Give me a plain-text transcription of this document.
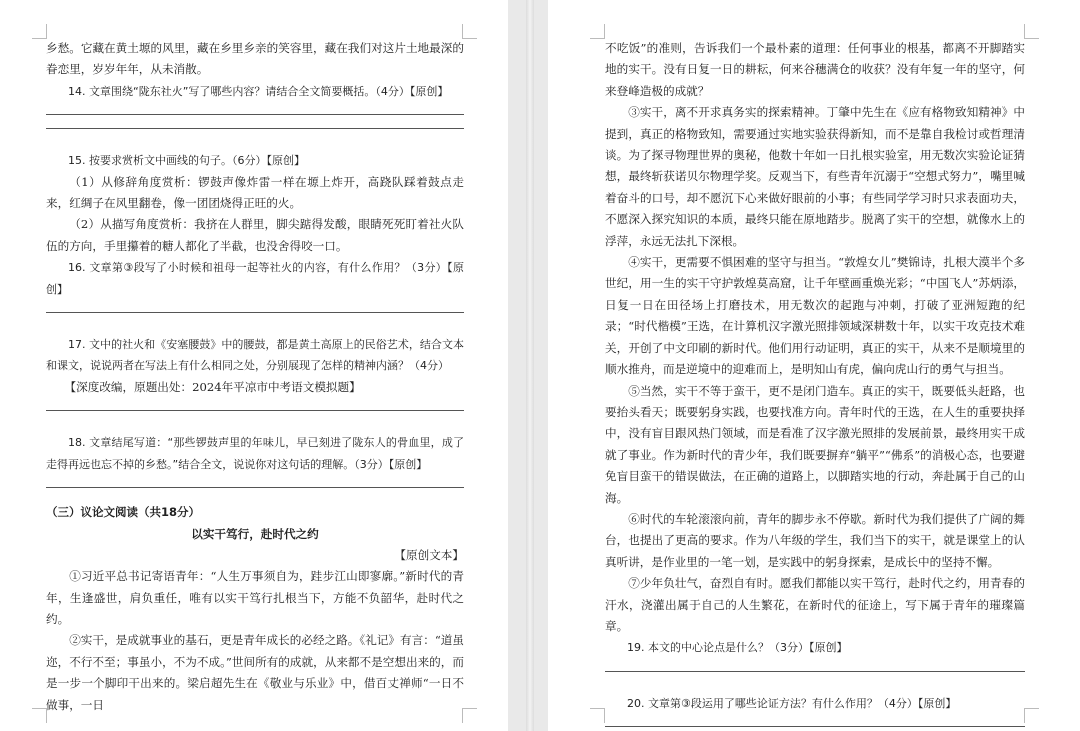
乡愁。它藏在黄土塬的风里，藏在乡里乡亲的笑容里，藏在我们对这片土地最深的眷恋里，岁岁年年，从未消散。

14. 文章围绕“陇东社火”写了哪些内容？请结合全文简要概括。（4分）【原创】

15. 按要求赏析文中画线的句子。（6分）【原创】

（1）从修辞角度赏析：锣鼓声像炸雷一样在塬上炸开，高跷队踩着鼓点走来，红绸子在风里翻卷，像一团团烧得正旺的火。

（2）从描写角度赏析：我挤在人群里，脚尖踮得发酸，眼睛死死盯着社火队伍的方向，手里攥着的糖人都化了半截，也没舍得咬一口。

16. 文章第③段写了小时候和祖母一起等社火的内容，有什么作用？（3分）【原创】

17. 文中的社火和《安塞腰鼓》中的腰鼓，都是黄土高原上的民俗艺术，结合文本和课文，说说两者在写法上有什么相同之处，分别展现了怎样的精神内涵？（4分）

【深度改编，原题出处：2024年平凉市中考语文模拟题】

18. 文章结尾写道：“那些锣鼓声里的年味儿，早已刻进了陇东人的骨血里，成了走得再远也忘不掉的乡愁。”结合全文，说说你对这句话的理解。（3分）【原创】

（三）议论文阅读（共18分）
以实干笃行，赴时代之约
【原创文本】

①习近平总书记寄语青年：“人生万事须自为，跬步江山即寥廓。”新时代的青年，生逢盛世，肩负重任，唯有以实干笃行扎根当下，方能不负韶华，赴时代之约。

②实干，是成就事业的基石，更是青年成长的必经之路。《礼记》有言：“道虽迩，不行不至；事虽小，不为不成。”世间所有的成就，从来都不是空想出来的，而是一步一个脚印干出来的。梁启超先生在《敬业与乐业》中，借百丈禅师“一日不做事，一日

不吃饭”的准则，告诉我们一个最朴素的道理：任何事业的根基，都离不开脚踏实地的实干。没有日复一日的耕耘，何来谷穗满仓的收获？没有年复一年的坚守，何来登峰造极的成就？

③实干，离不开求真务实的探索精神。丁肇中先生在《应有格物致知精神》中提到，真正的格物致知，需要通过实地实验获得新知，而不是靠自我检讨或哲理清谈。为了探寻物理世界的奥秘，他数十年如一日扎根实验室，用无数次实验论证猜想，最终斩获诺贝尔物理学奖。反观当下，有些青年沉溺于“空想式努力”，嘴里喊着奋斗的口号，却不愿沉下心来做好眼前的小事；有些同学学习时只求表面功夫，不愿深入探究知识的本质，最终只能在原地踏步。脱离了实干的空想，就像水上的浮萍，永远无法扎下深根。

④实干，更需要不惧困难的坚守与担当。“敦煌女儿”樊锦诗，扎根大漠半个多世纪，用一生的实干守护敦煌莫高窟，让千年壁画重焕光彩；“中国飞人”苏炳添，日复一日在田径场上打磨技术，用无数次的起跑与冲刺，打破了亚洲短跑的纪录；“时代楷模”王选，在计算机汉字激光照排领域深耕数十年，以实干攻克技术难关，开创了中文印刷的新时代。他们用行动证明，真正的实干，从来不是顺境里的顺水推舟，而是逆境中的迎难而上，是明知山有虎，偏向虎山行的勇气与担当。

⑤当然，实干不等于蛮干，更不是闭门造车。真正的实干，既要低头赶路，也要抬头看天；既要躬身实践，也要找准方向。青年时代的王选，在人生的重要抉择中，没有盲目跟风热门领域，而是看准了汉字激光照排的发展前景，最终用实干成就了事业。作为新时代的青少年，我们既要摒弃“躺平”“佛系”的消极心态，也要避免盲目蛮干的错误做法，在正确的道路上，以脚踏实地的行动，奔赴属于自己的山海。

⑥时代的车轮滚滚向前，青年的脚步永不停歇。新时代为我们提供了广阔的舞台，也提出了更高的要求。作为八年级的学生，我们当下的实干，就是课堂上的认真听讲，是作业里的一笔一划，是实践中的躬身探索，是成长中的坚持不懈。

⑦少年负壮气，奋烈自有时。愿我们都能以实干笃行，赴时代之约，用青春的汗水，浇灌出属于自己的人生繁花，在新时代的征途上，写下属于青年的璀璨篇章。

19. 本文的中心论点是什么？（3分）【原创】

20. 文章第③段运用了哪些论证方法？有什么作用？（4分）【原创】
